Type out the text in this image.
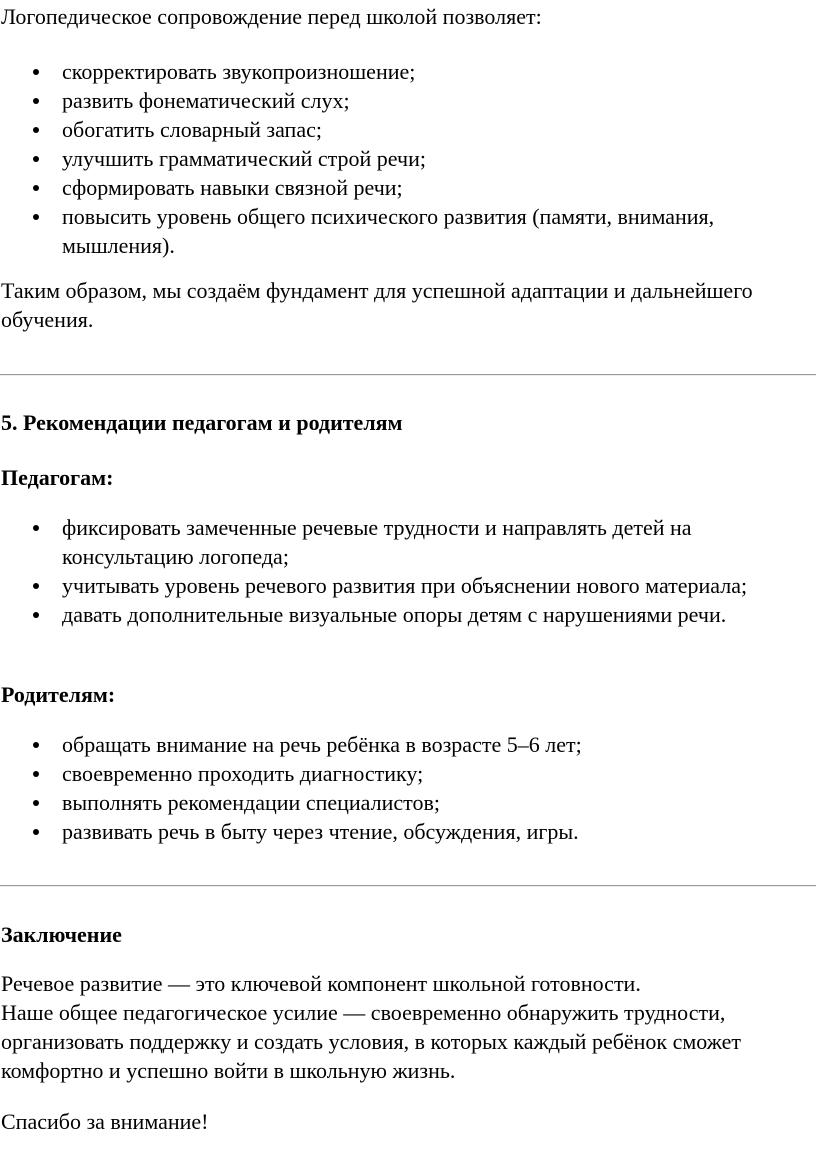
Логопедическое сопровождение перед школой позволяет:

скорректировать звукопроизношение;
развить фонематический слух;
обогатить словарный запас;
улучшить грамматический строй речи;
сформировать навыки связной речи;
повысить уровень общего психического развития (памяти, внимания, мышления).

Таким образом, мы создаём фундамент для успешной адаптации и дальнейшего обучения.

5. Рекомендации педагогам и родителям
Педагогам:
фиксировать замеченные речевые трудности и направлять детей на консультацию логопеда;
учитывать уровень речевого развития при объяснении нового материала;
давать дополнительные визуальные опоры детям с нарушениями речи.
Родителям:
обращать внимание на речь ребёнка в возрасте 5–6 лет;
своевременно проходить диагностику;
выполнять рекомендации специалистов;
развивать речь в быту через чтение, обсуждения, игры.
Заключение

Речевое развитие — это ключевой компонент школьной готовности.

Наше общее педагогическое усилие — своевременно обнаружить трудности, организовать поддержку и создать условия, в которых каждый ребёнок сможет комфортно и успешно войти в школьную жизнь.

Спасибо за внимание!
